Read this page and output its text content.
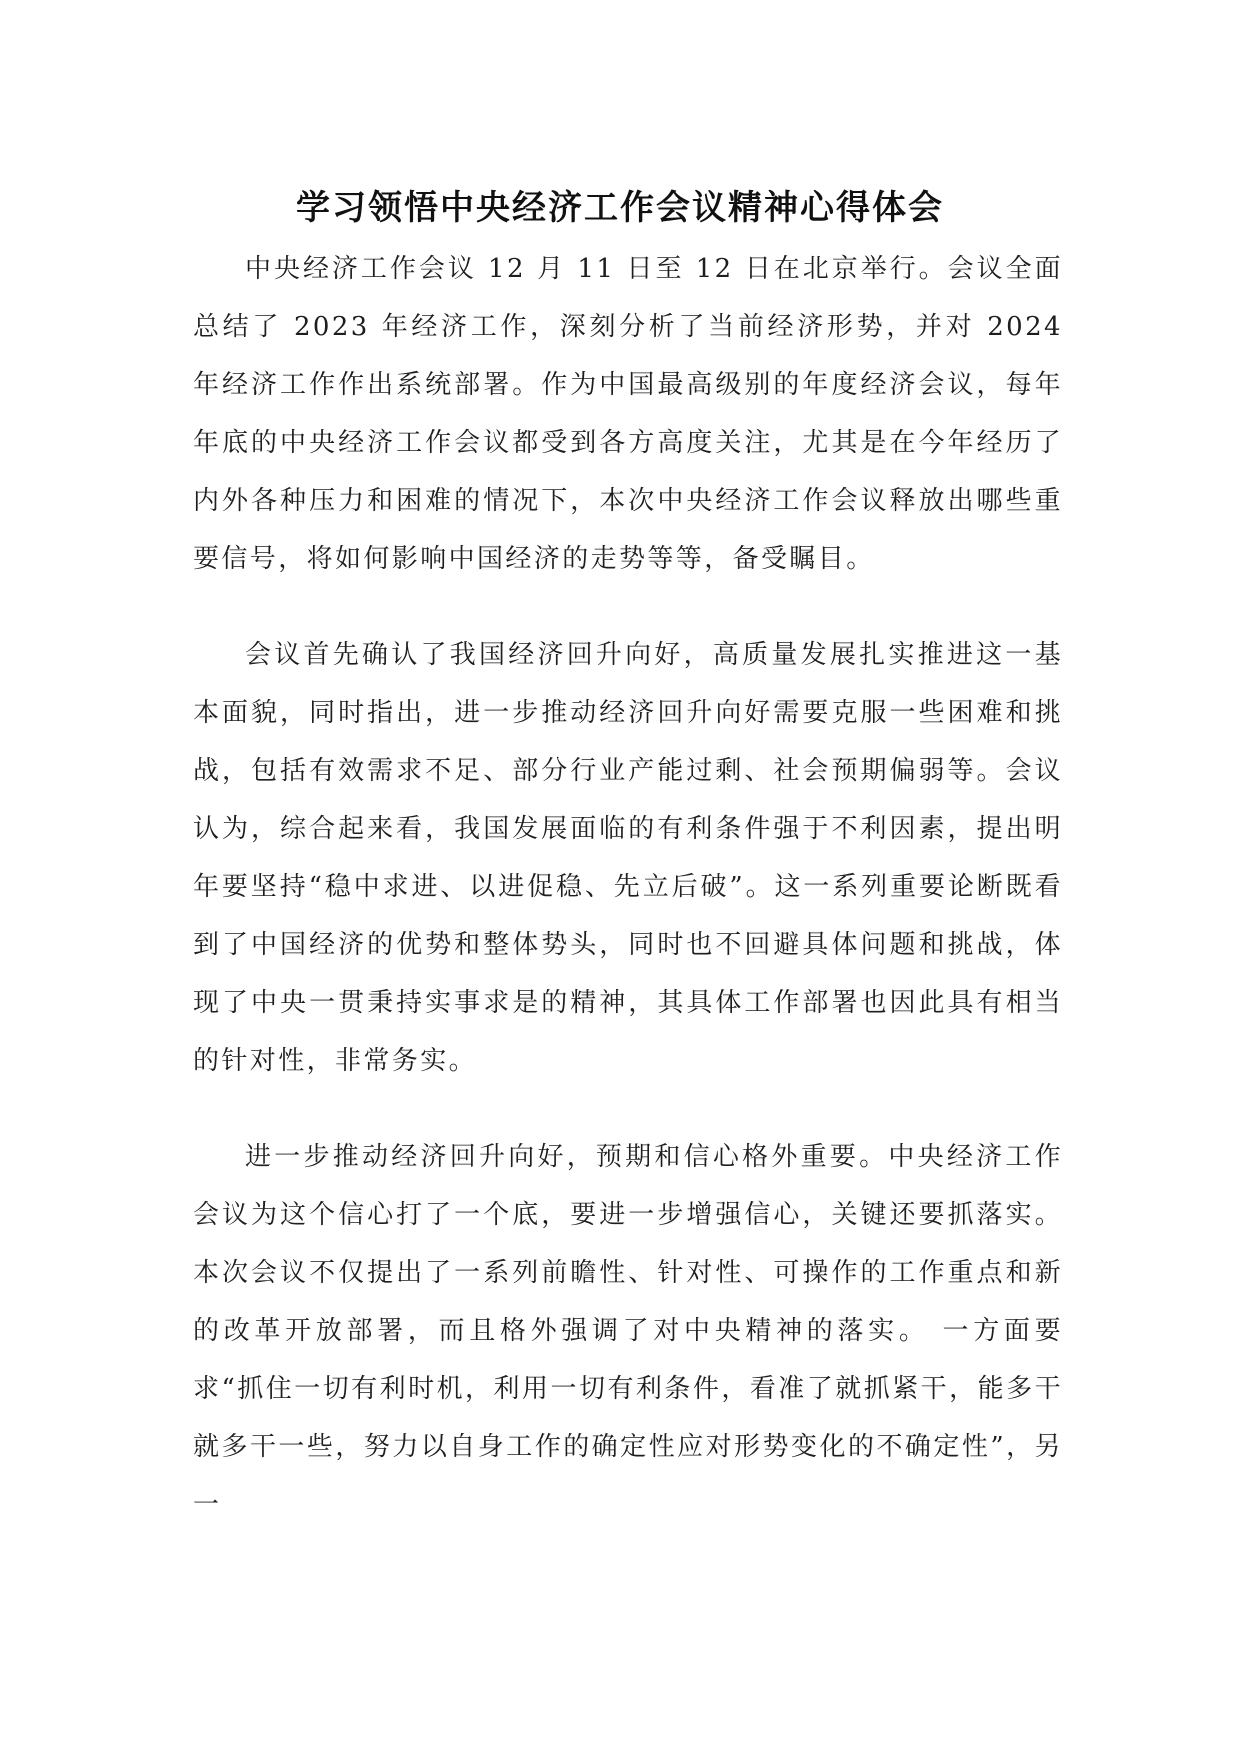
学习领悟中央经济工作会议精神心得体会

中央经济工作会议 12 月 11 日至 12 日在北京举行。会议全面总结了 2023 年经济工作，深刻分析了当前经济形势，并对 2024 年经济工作作出系统部署。作为中国最高级别的年度经济会议，每年年底的中央经济工作会议都受到各方高度关注，尤其是在今年经历了内外各种压力和困难的情况下，本次中央经济工作会议释放出哪些重要信号，将如何影响中国经济的走势等等，备受瞩目。

会议首先确认了我国经济回升向好，高质量发展扎实推进这一基本面貌，同时指出，进一步推动经济回升向好需要克服一些困难和挑战，包括有效需求不足、部分行业产能过剩、社会预期偏弱等。会议认为，综合起来看，我国发展面临的有利条件强于不利因素，提出明年要坚持“稳中求进、以进促稳、先立后破”。这一系列重要论断既看到了中国经济的优势和整体势头，同时也不回避具体问题和挑战，体现了中央一贯秉持实事求是的精神，其具体工作部署也因此具有相当的针对性，非常务实。

进一步推动经济回升向好，预期和信心格外重要。中央经济工作会议为这个信心打了一个底，要进一步增强信心，关键还要抓落实。本次会议不仅提出了一系列前瞻性、针对性、可操作的工作重点和新的改革开放部署，而且格外强调了对中央精神的落实。 一方面要求“抓住一切有利时机，利用一切有利条件，看准了就抓紧干，能多干就多干一些，努力以自身工作的确定性应对形势变化的不确定性”，另一
